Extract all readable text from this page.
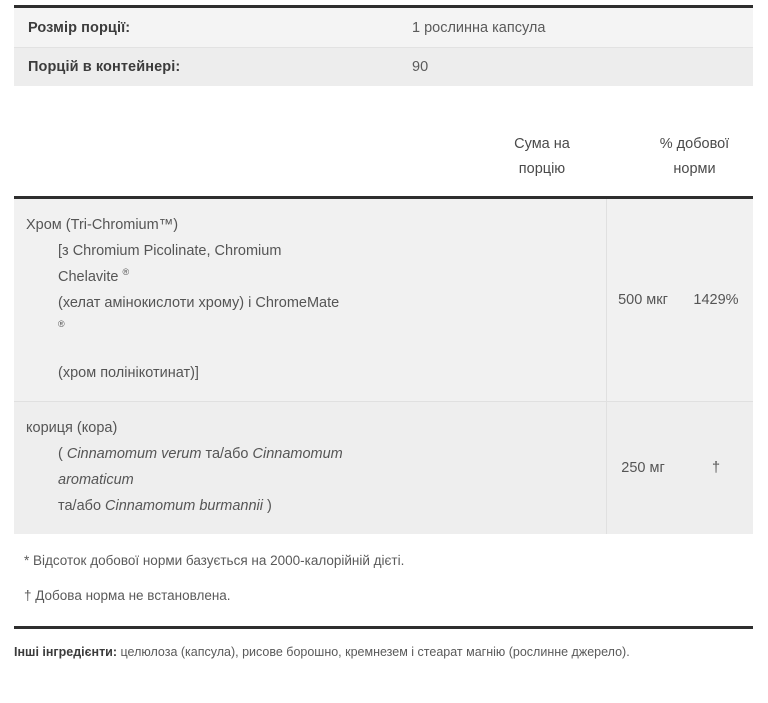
Розмір порції:	1 рослинна капсула
Порцій в контейнері:	90
Сума на
порцію
% добової
норми
Хром (Tri-Chromium™)
[з Chromium Picolinate, Chromium
Chelavite ®
(хелат амінокислоти хрому) і ChromeMate
®
(хром полінікотинат)]
500 мкг	1429%
кориця (кора)
( Cinnamomum verum та/або Cinnamomum
aromaticum
та/або Cinnamomum burmannii )
250 мг	†
* Відсоток добової норми базується на 2000-калорійній дієті.
† Добова норма не встановлена.
Інші інгредієнти: целюлоза (капсула), рисове борошно, кремнезем і стеарат магнію (рослинне джерело).
